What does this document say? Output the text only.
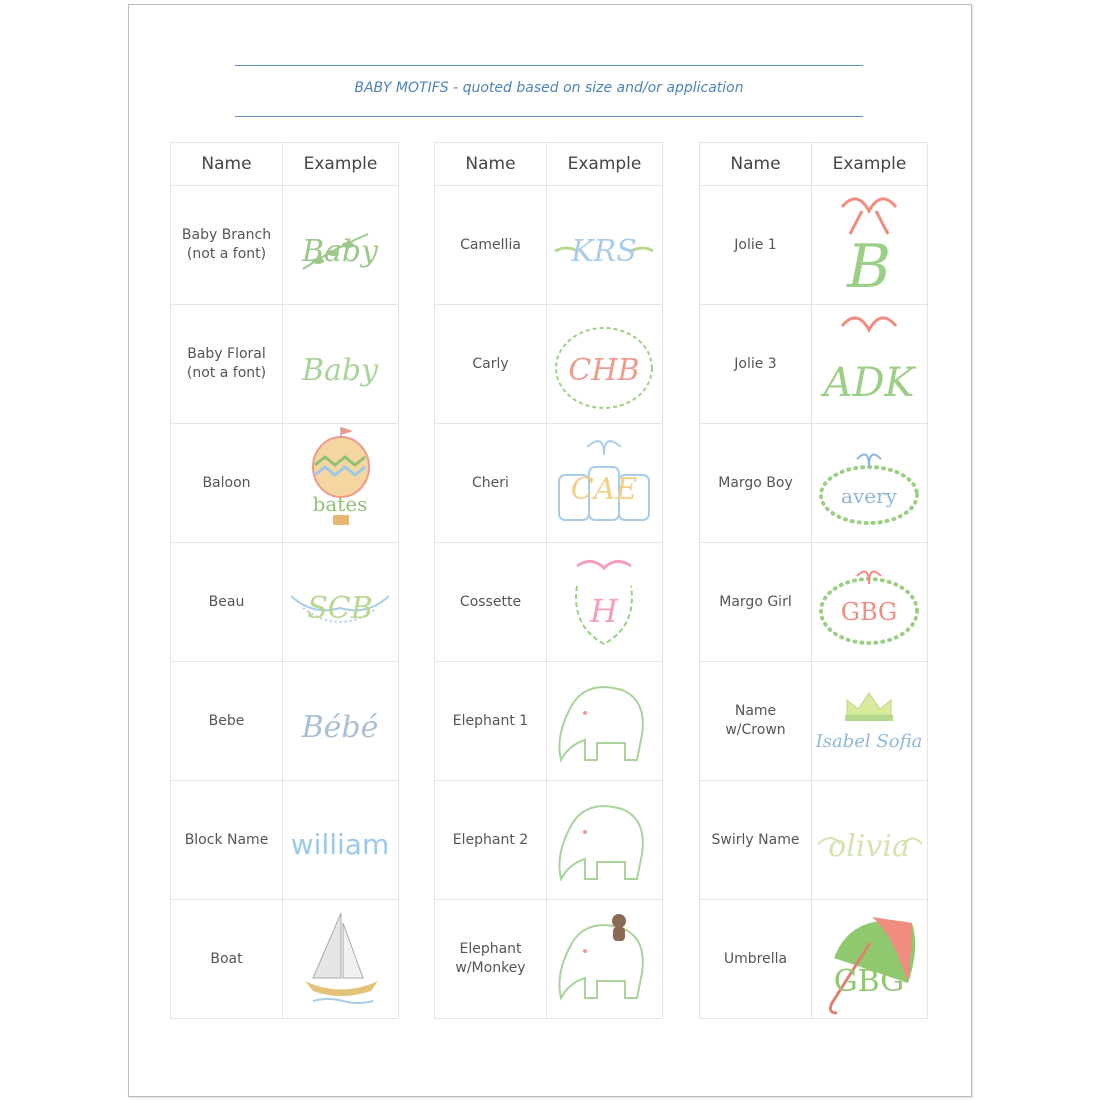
BABY MOTIFS - quoted based on size and/or application
Name	Example
Baby Branch
(not a font)	Baby

Baby Floral
(not a font)	Baby

Baloon	bates

Beau	SCB

Bebe	Bébé

Block Name	william

Boat	
Name	Example
Camellia	KRS

Carly	CHB

Cheri	CAE

Cossette	H

Elephant 1	

Elephant 2	

Elephant
w/Monkey	
Name	Example
Jolie 1	B

Jolie 3	ADK

Margo Boy	avery

Margo Girl	GBG

Name w/Crown	Isabel Sofia

Swirly Name	olivia

Umbrella	GBG
